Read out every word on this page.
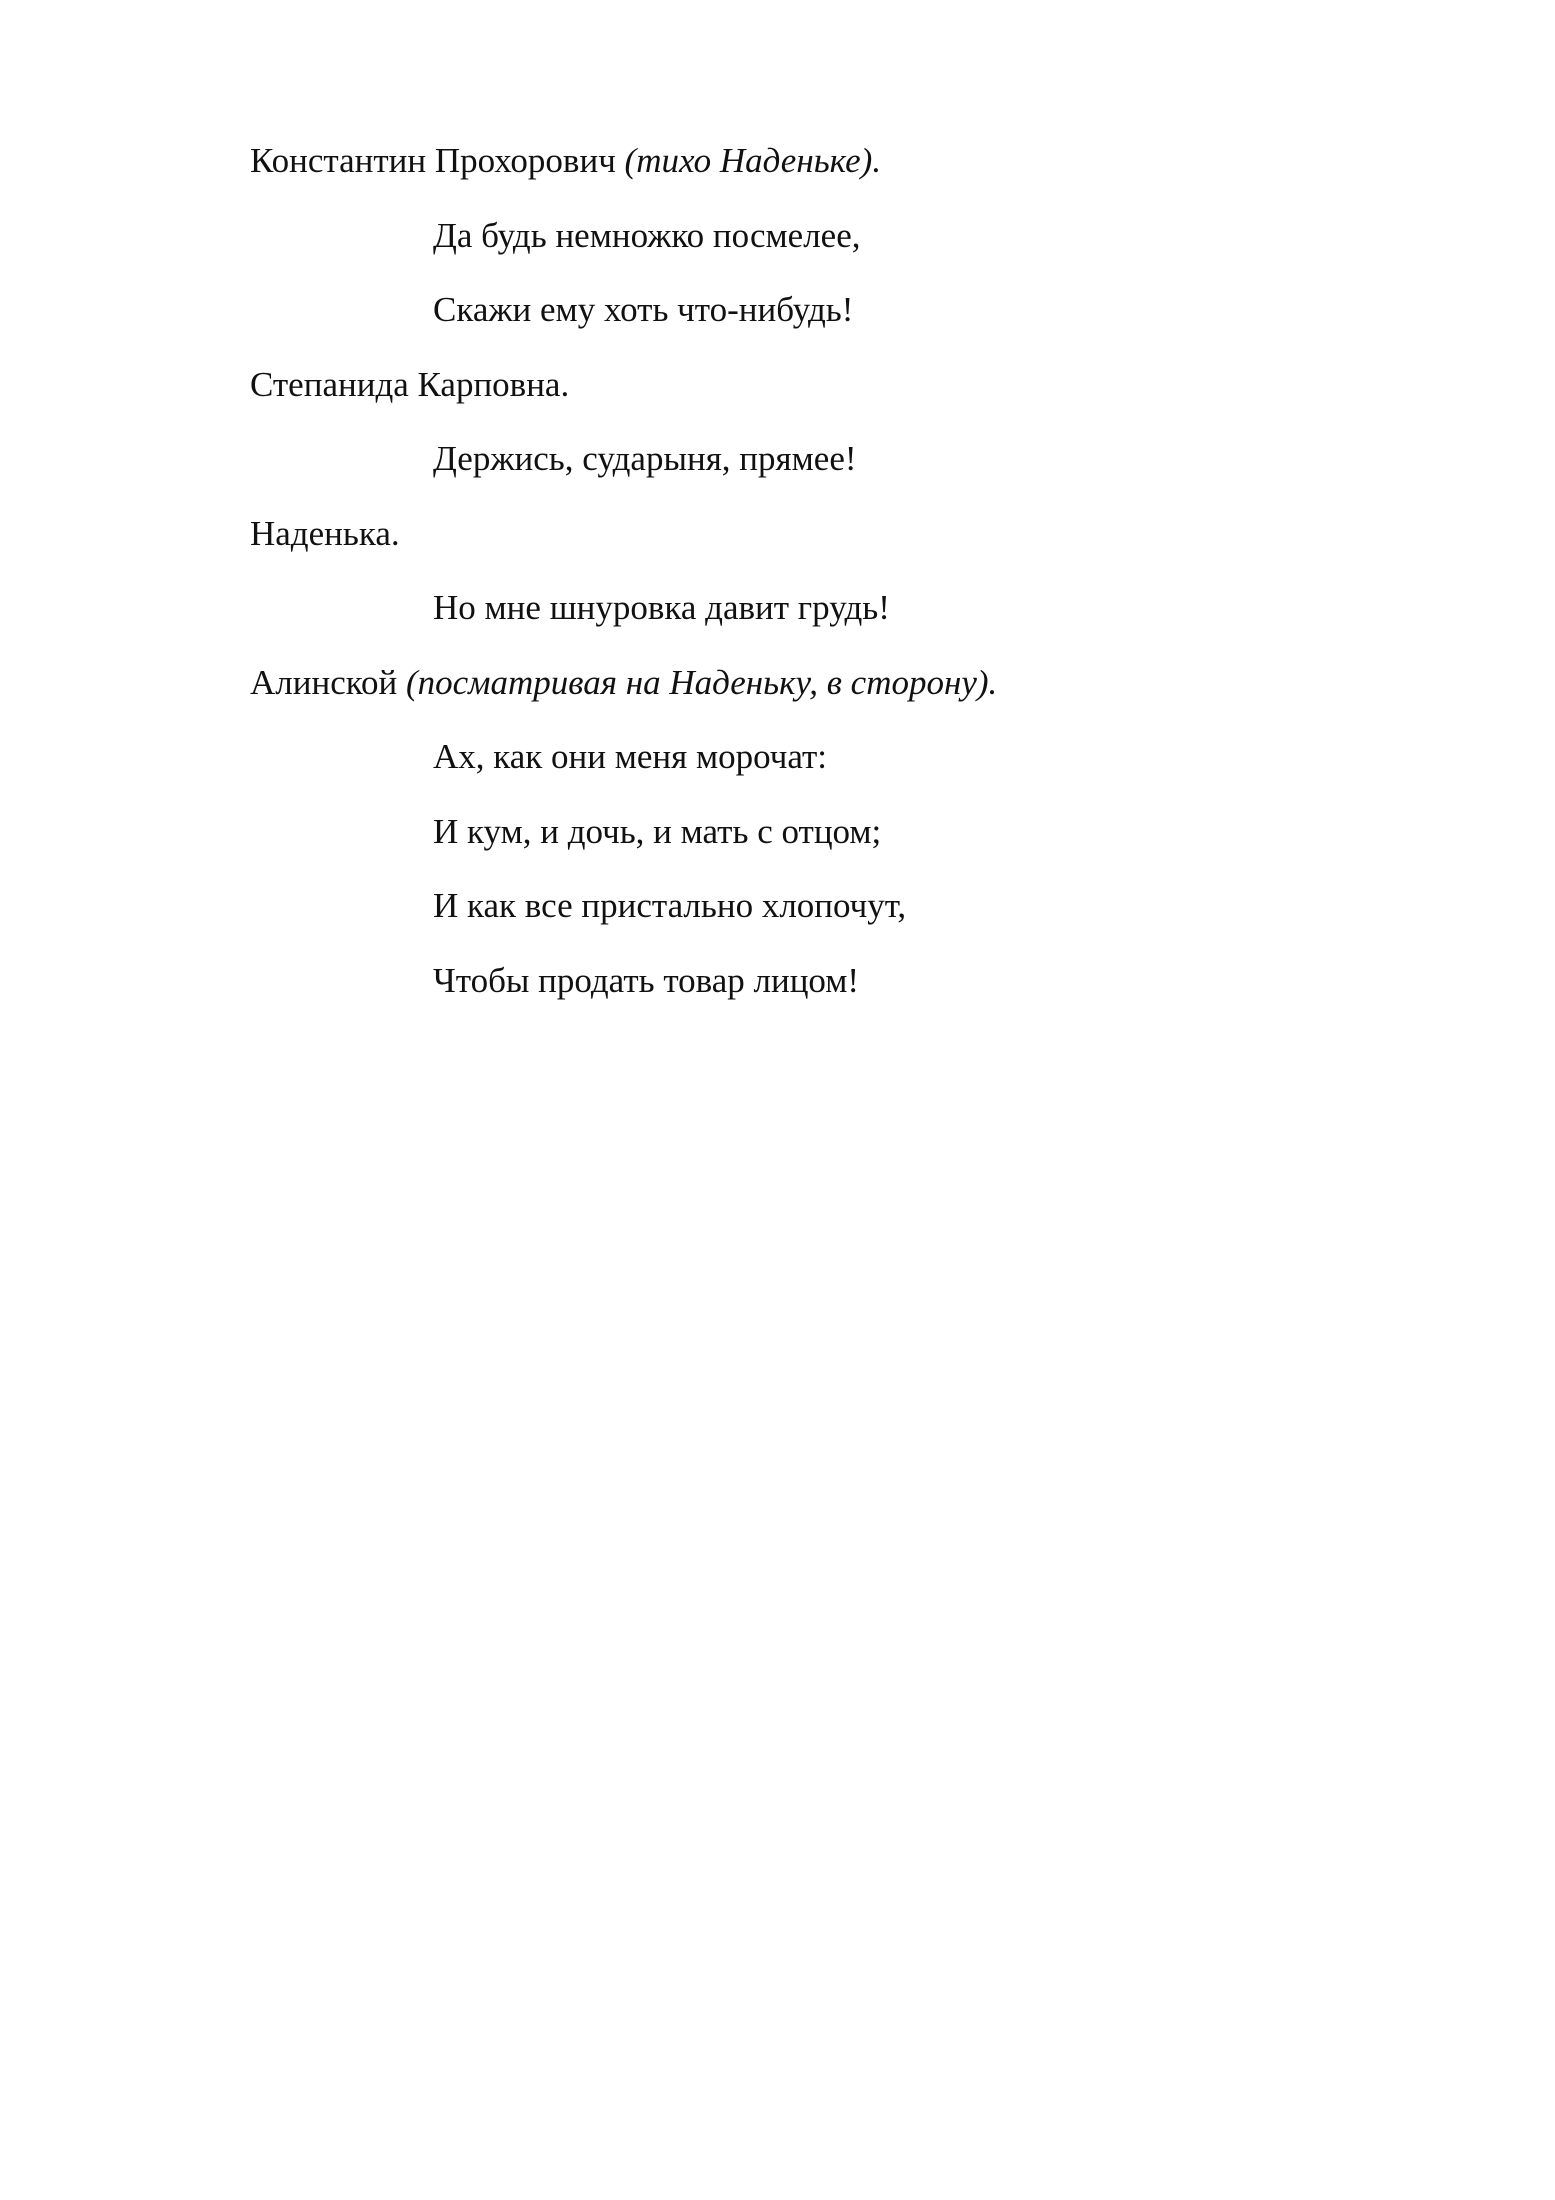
Константин Прохорович (тихо Наденьке).
Да будь немножко посмелее,
Скажи ему хоть что-нибудь!
Степанида Карповна.
Держись, сударыня, прямее!
Наденька.
Но мне шнуровка давит грудь!
Алинской (посматривая на Наденьку, в сторону).
Ах, как они меня морочат:
И кум, и дочь, и мать с отцом;
И как все пристально хлопочут,
Чтобы продать товар лицом!
